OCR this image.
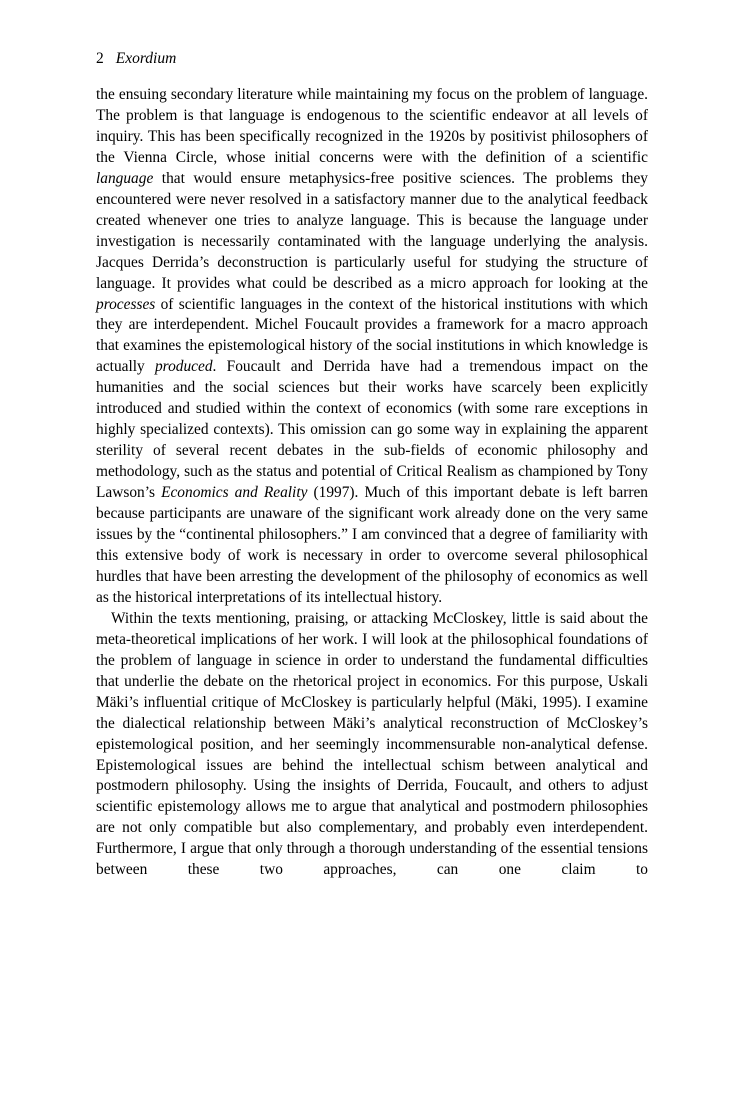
2 Exordium

the ensuing secondary literature while maintaining my focus on the problem of language. The problem is that language is endogenous to the scientific endeavor at all levels of inquiry. This has been specifically recognized in the 1920s by positivist philosophers of the Vienna Circle, whose initial concerns were with the definition of a scientific language that would ensure metaphysics-free positive sciences. The problems they encountered were never resolved in a satisfactory manner due to the analytical feedback created whenever one tries to analyze language. This is because the language under investigation is necessarily contaminated with the language underlying the analysis. Jacques Derrida’s deconstruction is particularly useful for studying the structure of language. It provides what could be described as a micro approach for looking at the processes of scientific languages in the context of the historical institutions with which they are interdependent. Michel Foucault provides a framework for a macro approach that examines the epistemological history of the social institutions in which knowledge is actually produced. Foucault and Derrida have had a tremendous impact on the humanities and the social sciences but their works have scarcely been explicitly introduced and studied within the context of economics (with some rare exceptions in highly specialized contexts). This omission can go some way in explaining the apparent sterility of several recent debates in the sub-fields of economic philosophy and methodology, such as the status and potential of Critical Realism as championed by Tony Lawson’s Economics and Reality (1997). Much of this important debate is left barren because participants are unaware of the significant work already done on the very same issues by the “continental philosophers.” I am convinced that a degree of familiarity with this extensive body of work is necessary in order to overcome several philosophical hurdles that have been arresting the development of the philosophy of economics as well as the historical interpretations of its intellectual history.

Within the texts mentioning, praising, or attacking McCloskey, little is said about the meta-theoretical implications of her work. I will look at the philosophical foundations of the problem of language in science in order to understand the fundamental difficulties that underlie the debate on the rhetorical project in economics. For this purpose, Uskali Mäki’s influential critique of McCloskey is particularly helpful (Mäki, 1995). I examine the dialectical relationship between Mäki’s analytical reconstruction of McCloskey’s epistemological position, and her seemingly incommensurable non-analytical defense. Epistemological issues are behind the intellectual schism between analytical and postmodern philosophy. Using the insights of Derrida, Foucault, and others to adjust scientific epistemology allows me to argue that analytical and postmodern philosophies are not only compatible but also complementary, and probably even interdependent. Furthermore, I argue that only through a thorough understanding of the essential tensions between these two approaches, can one claim to
